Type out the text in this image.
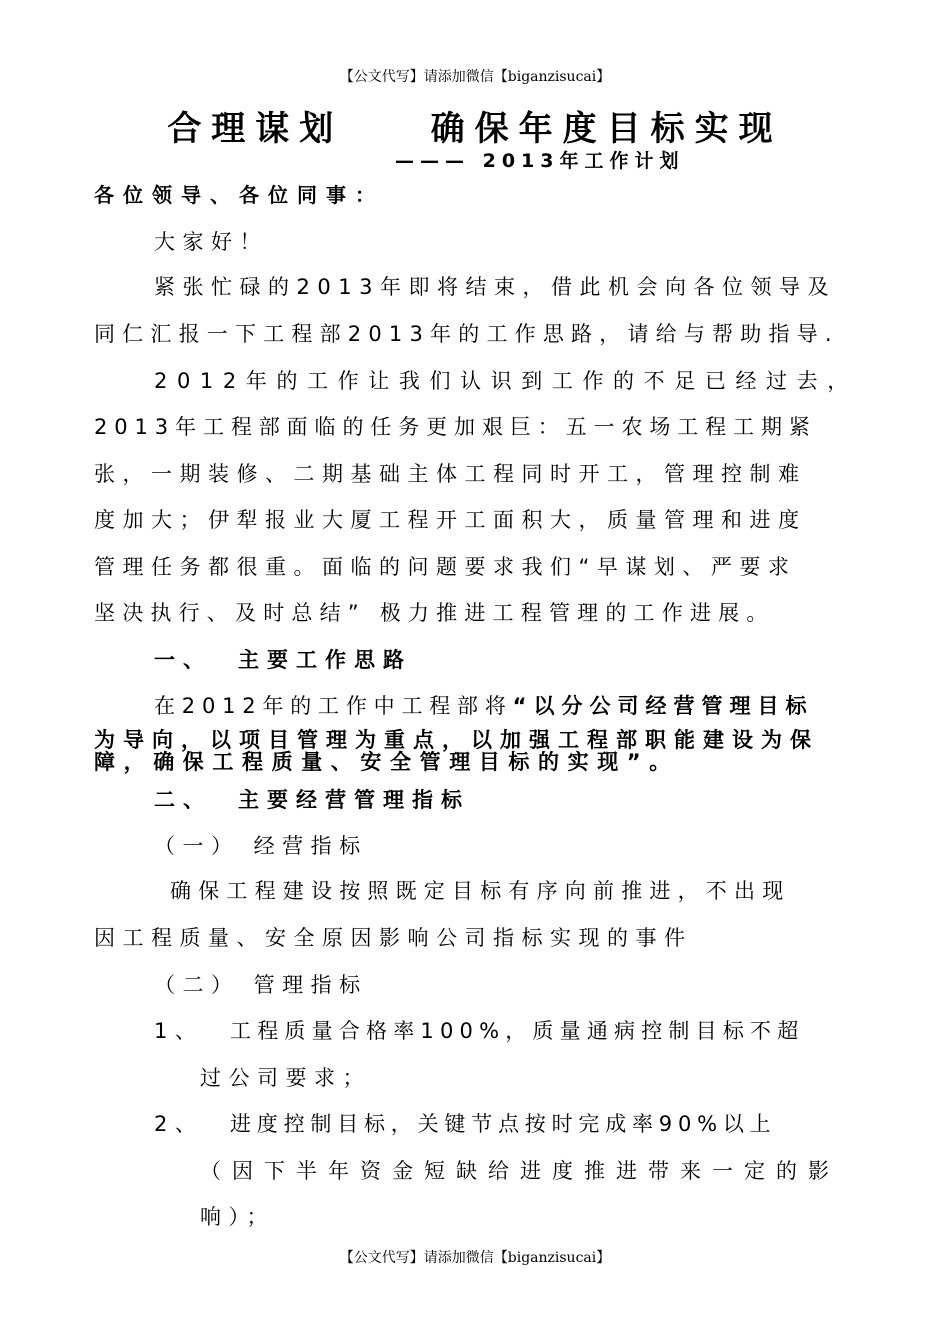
【公文代写】请添加微信【biganzisucai】
合理谋划    确保年度目标实现
——— 2013年工作计划
各位领导、各位同事：
大家好！
紧张忙碌的2013年即将结束，借此机会向各位领导及
同仁汇报一下工程部2013年的工作思路，请给与帮助指导.
2012年的工作让我们认识到工作的不足已经过去，
2013年工程部面临的任务更加艰巨：五一农场工程工期紧
张，一期装修、二期基础主体工程同时开工，管理控制难
度加大；伊犁报业大厦工程开工面积大，质量管理和进度
管理任务都很重。面临的问题要求我们“早谋划、严要求
坚决执行、及时总结” 极力推进工程管理的工作进展。
一、 主要工作思路
在2012年的工作中工程部将“以分公司经营管理目标
为导向，以项目管理为重点，以加强工程部职能建设为保
障，确保工程质量、安全管理目标的实现”。
二、 主要经营管理指标
（一） 经营指标
确保工程建设按照既定目标有序向前推进，不出现
因工程质量、安全原因影响公司指标实现的事件
（二） 管理指标
1、	工程质量合格率100%，质量通病控制目标不超
过公司要求；
2、	进度控制目标，关键节点按时完成率90%以上
（因下半年资金短缺给进度推进带来一定的影
响）；
【公文代写】请添加微信【biganzisucai】
